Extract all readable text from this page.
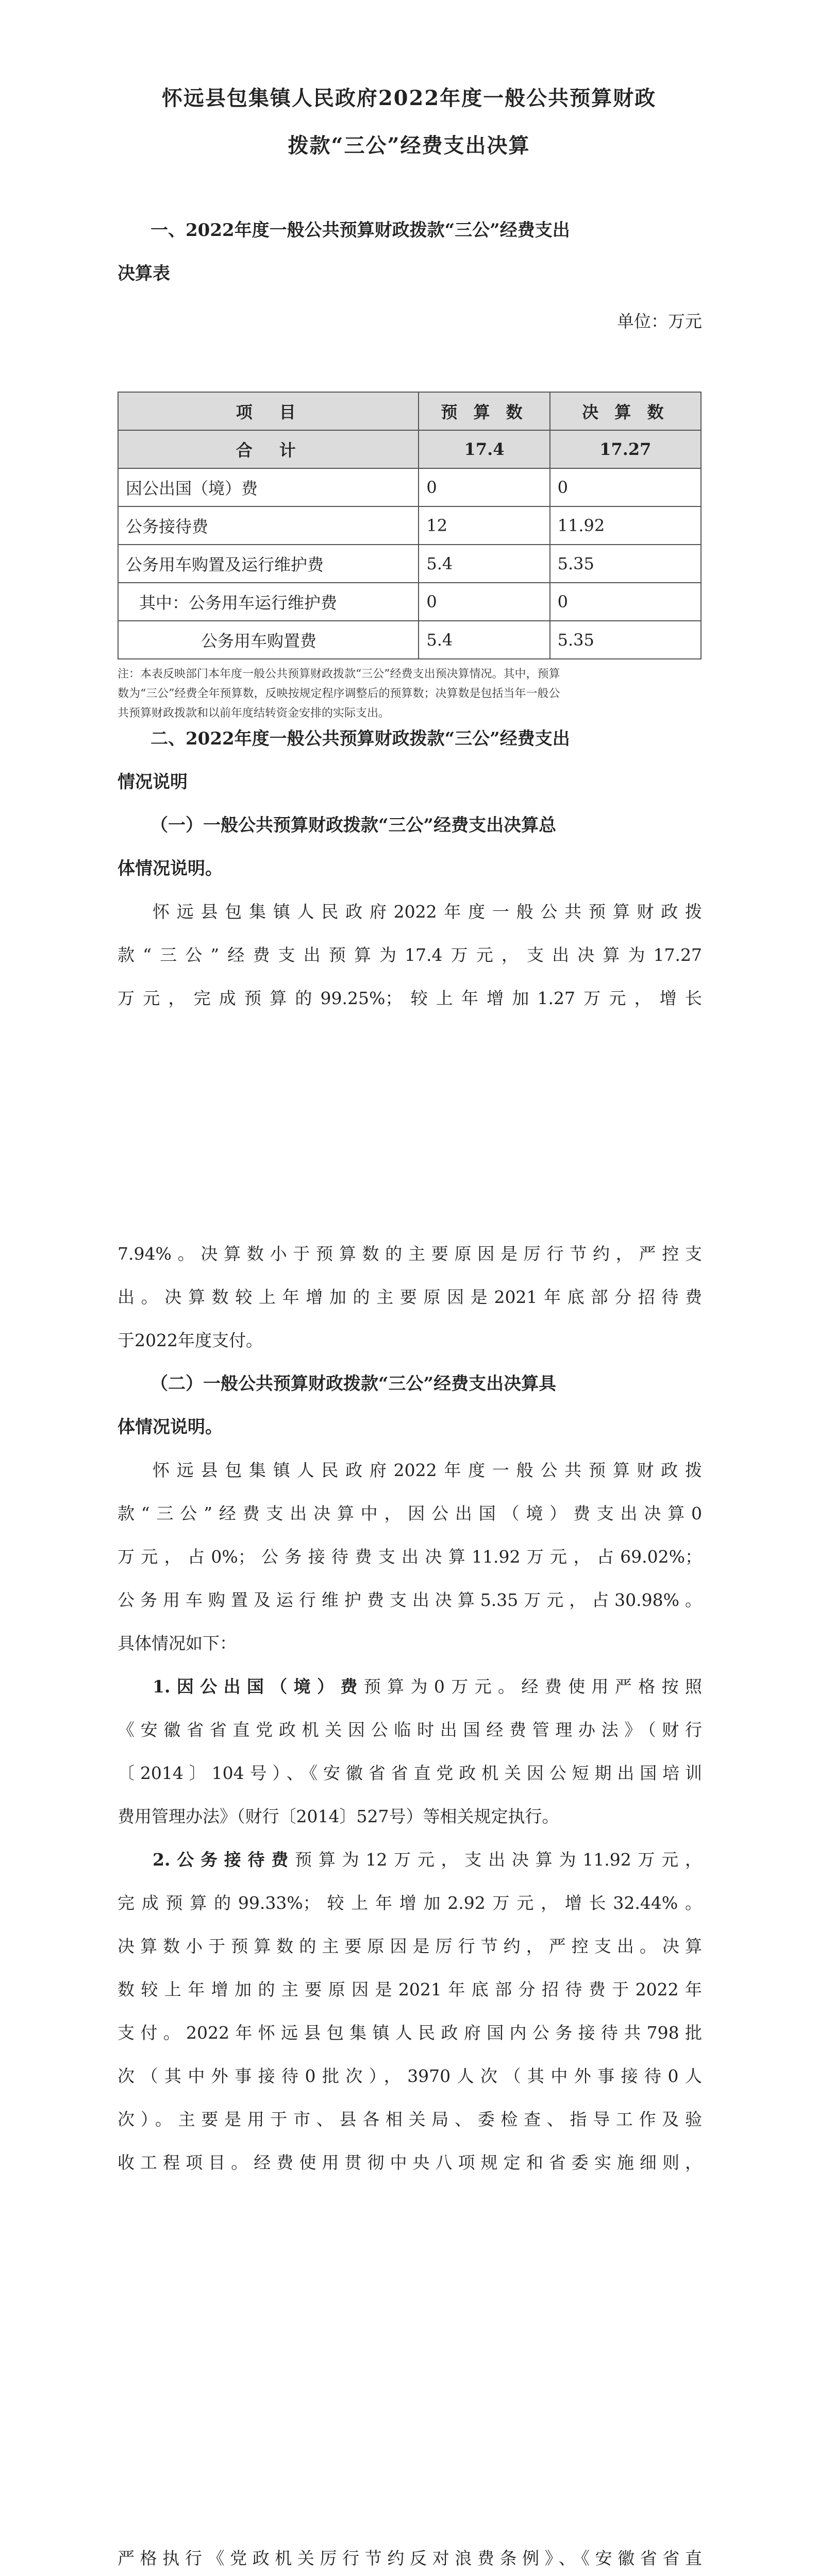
怀远县包集镇人民政府2022年度一般公共预算财政
拨款“三公”经费支出决算
一、2022年度一般公共预算财政拨款“三公”经费支出
决算表
单位：万元
项　目	预 算 数	决 算 数
合　计	17.4	17.27
因公出国（境）费	0	0
公务接待费	12	11.92
公务用车购置及运行维护费	5.4	5.35
其中：公务用车运行维护费	0	0
公务用车购置费	5.4	5.35
注：本表反映部门本年度一般公共预算财政拨款“三公”经费支出预决算情况。其中，预算
数为“三公”经费全年预算数，反映按规定程序调整后的预算数；决算数是包括当年一般公
共预算财政拨款和以前年度结转资金安排的实际支出。
二、2022年度一般公共预算财政拨款“三公”经费支出
情况说明
（一）一般公共预算财政拨款“三公”经费支出决算总
体情况说明。
怀远县包集镇人民政府2022年度一般公共预算财政拨
款“三公”经费支出预算为17.4万元，支出决算为17.27
万元，完成预算的99.25%；较上年增加1.27万元，增长
7.94%。决算数小于预算数的主要原因是厉行节约，严控支
出。决算数较上年增加的主要原因是2021年底部分招待费
于2022年度支付。
（二）一般公共预算财政拨款“三公”经费支出决算具
体情况说明。
怀远县包集镇人民政府2022年度一般公共预算财政拨
款“三公”经费支出决算中，因公出国（境）费支出决算0
万元，占0%；公务接待费支出决算11.92万元，占69.02%；
公务用车购置及运行维护费支出决算5.35万元，占30.98%。
具体情况如下：
1.因公出国（境）费预算为0万元。经费使用严格按照
《安徽省省直党政机关因公临时出国经费管理办法》（财行
〔2014〕104号）、《安徽省省直党政机关因公短期出国培训
费用管理办法》（财行〔2014〕527号）等相关规定执行。
2.公务接待费预算为12万元，支出决算为11.92万元，
完成预算的99.33%；较上年增加2.92万元，增长32.44%。
决算数小于预算数的主要原因是厉行节约，严控支出。决算
数较上年增加的主要原因是2021年底部分招待费于2022年
支付。2022年怀远县包集镇人民政府国内公务接待共798批
次（其中外事接待0批次），3970人次（其中外事接待0人
次）。主要是用于市、县各相关局、委检查、指导工作及验
收工程项目。经费使用贯彻中央八项规定和省委实施细则，
严格执行《党政机关厉行节约反对浪费条例》、《安徽省省直
